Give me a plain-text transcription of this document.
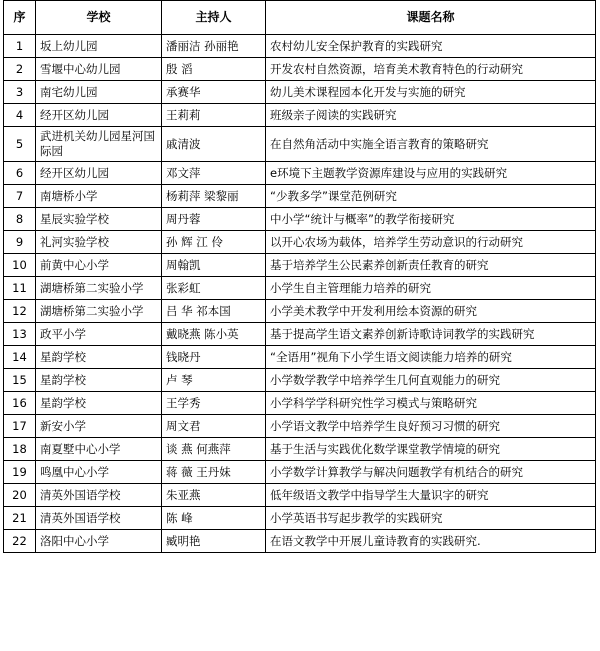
序	学校	主持人	课题名称
1	坂上幼儿园	潘丽洁 孙丽艳	农村幼儿安全保护教育的实践研究
2	雪堰中心幼儿园	殷 滔	开发农村自然资源，培育美术教育特色的行动研究
3	南宅幼儿园	承赛华	幼儿美术课程园本化开发与实施的研究
4	经开区幼儿园	王莉莉	班级亲子阅读的实践研究
5	武进机关幼儿园星河国际园	戚清波	在自然角活动中实施全语言教育的策略研究
6	经开区幼儿园	邓文萍	e环境下主题教学资源库建设与应用的实践研究
7	南塘桥小学	杨莉萍 梁黎丽	“少教多学”课堂范例研究
8	星辰实验学校	周丹蓉	中小学“统计与概率”的教学衔接研究
9	礼河实验学校	孙 辉 江 伶	以开心农场为载体，培养学生劳动意识的行动研究
10	前黄中心小学	周翰凯	基于培养学生公民素养创新责任教育的研究
11	湖塘桥第二实验小学	张彩虹	小学生自主管理能力培养的研究
12	湖塘桥第二实验小学	吕 华 祁本国	小学美术教学中开发利用绘本资源的研究
13	政平小学	戴晓燕 陈小英	基于提高学生语文素养创新诗歌诗词教学的实践研究
14	星韵学校	钱晓丹	“全语用”视角下小学生语文阅读能力培养的研究
15	星韵学校	卢 琴	小学数学教学中培养学生几何直观能力的研究
16	星韵学校	王学秀	小学科学学科研究性学习模式与策略研究
17	新安小学	周文君	小学语文教学中培养学生良好预习习惯的研究
18	南夏墅中心小学	谈 燕 何燕萍	基于生活与实践优化数学课堂教学情境的研究
19	鸣凰中心小学	蒋 薇 王丹妹	小学数学计算教学与解决问题教学有机结合的研究
20	清英外国语学校	朱亚燕	低年级语文教学中指导学生大量识字的研究
21	清英外国语学校	陈 峰	小学英语书写起步教学的实践研究
22	洛阳中心小学	臧明艳	在语文教学中开展儿童诗教育的实践研究.
